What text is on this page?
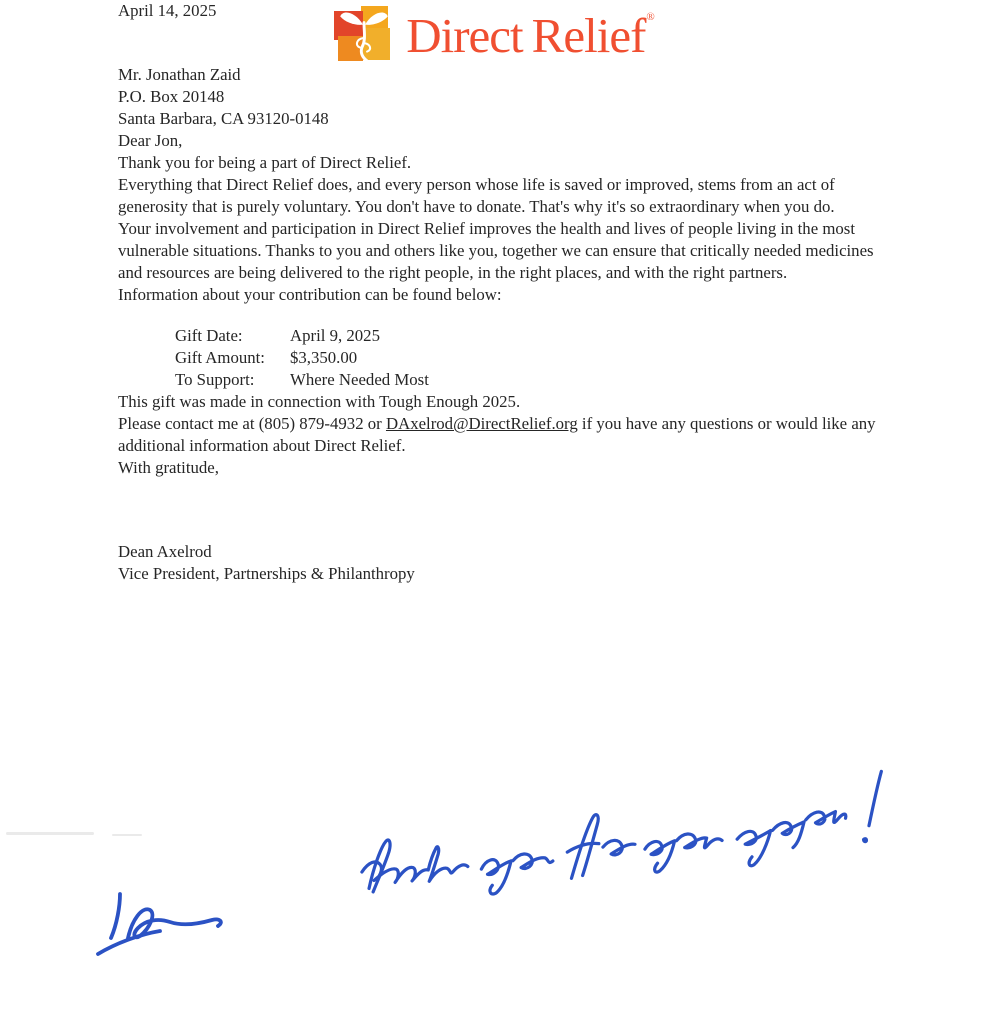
Direct Relief®

April 14, 2025

Mr. Jonathan Zaid

P.O. Box 20148

Santa Barbara, CA 93120-0148

Dear Jon,

Thank you for being a part of Direct Relief.

Everything that Direct Relief does, and every person whose life is saved or improved, stems from an act of generosity that is purely voluntary. You don't have to donate. That's why it's so extraordinary when you do.

Your involvement and participation in Direct Relief improves the health and lives of people living in the most vulnerable situations. Thanks to you and others like you, together we can ensure that critically needed medicines and resources are being delivered to the right people, in the right places, and with the right partners.

Information about your contribution can be found below:

Gift Date:	April 9, 2025
Gift Amount:	$3,350.00
To Support:	Where Needed Most

This gift was made in connection with Tough Enough 2025.

Please contact me at (805) 879-4932 or DAxelrod@DirectRelief.org if you have any questions or would like any additional information about Direct Relief.

With gratitude,

Dean Axelrod

Vice President, Partnerships & Philanthropy
